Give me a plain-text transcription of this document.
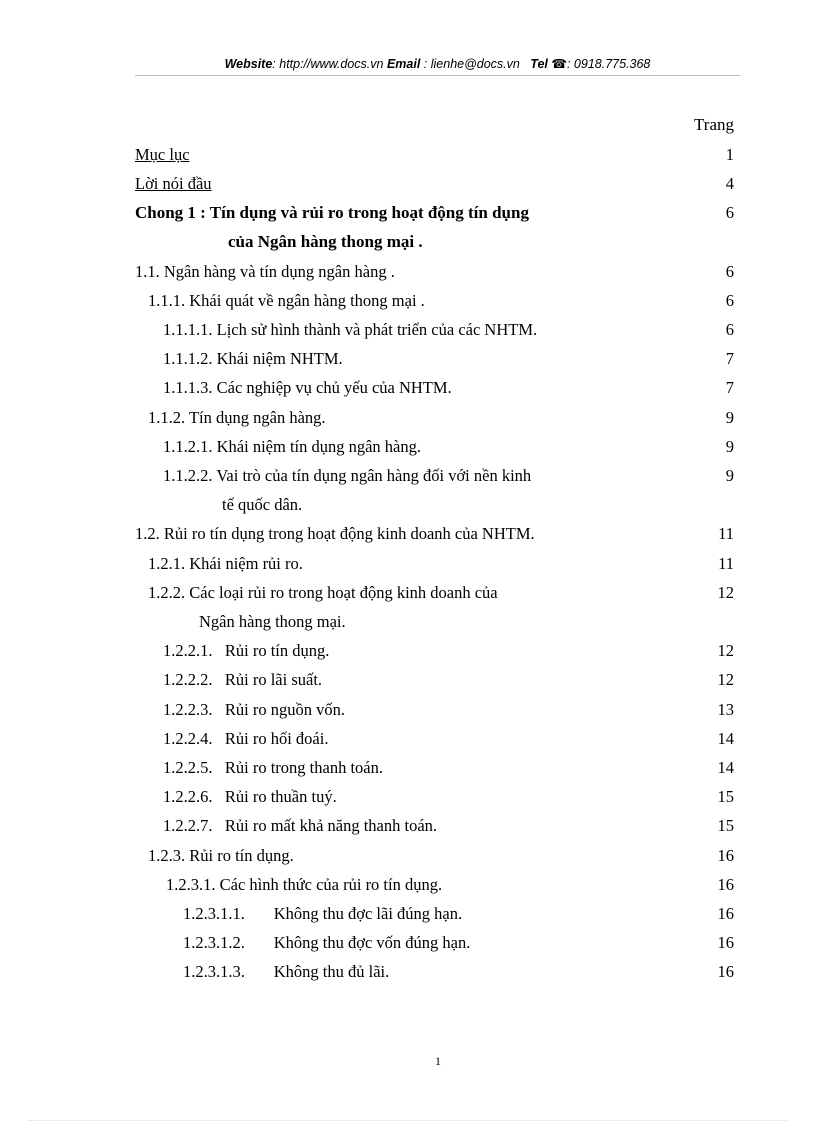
Website: http://www.docs.vn Email : lienhe@docs.vn Tel ☎: 0918.775.368
Trang
Mục lục	1
Lời nói đầu	4
Chong 1 : Tín dụng và rủi ro trong hoạt động tín dụng	6
của Ngân hàng thong mại .
1.1. Ngân hàng và tín dụng ngân hàng .	6
1.1.1. Khái quát về ngân hàng thong mại .	6
1.1.1.1. Lịch sử hình thành và phát triển của các NHTM.	6
1.1.1.2. Khái niệm NHTM.	7
1.1.1.3. Các nghiệp vụ chủ yếu của NHTM.	7
1.1.2. Tín dụng ngân hàng.	9
1.1.2.1. Khái niệm tín dụng ngân hàng.	9
1.1.2.2. Vai trò của tín dụng ngân hàng đối với nền kinh	9
tế quốc dân.
1.2. Rủi ro tín dụng trong hoạt động kinh doanh của NHTM.	11
1.2.1. Khái niệm rủi ro.	11
1.2.2. Các loại rủi ro trong hoạt động kinh doanh của	12
Ngân hàng thong mại.
1.2.2.1.   Rủi ro tín dụng.	12
1.2.2.2.   Rủi ro lãi suất.	12
1.2.2.3.   Rủi ro nguồn vốn.	13
1.2.2.4.   Rủi ro hối đoái.	14
1.2.2.5.   Rủi ro trong thanh toán.	14
1.2.2.6.   Rủi ro thuần tuý.	15
1.2.2.7.   Rủi ro mất khả năng thanh toán.	15
1.2.3. Rủi ro tín dụng.	16
1.2.3.1. Các hình thức của rủi ro tín dụng.	16
1.2.3.1.1.       Không thu đợc lãi đúng hạn.	16
1.2.3.1.2.       Không thu đợc vốn đúng hạn.	16
1.2.3.1.3.       Không thu đủ lãi.	16
1
